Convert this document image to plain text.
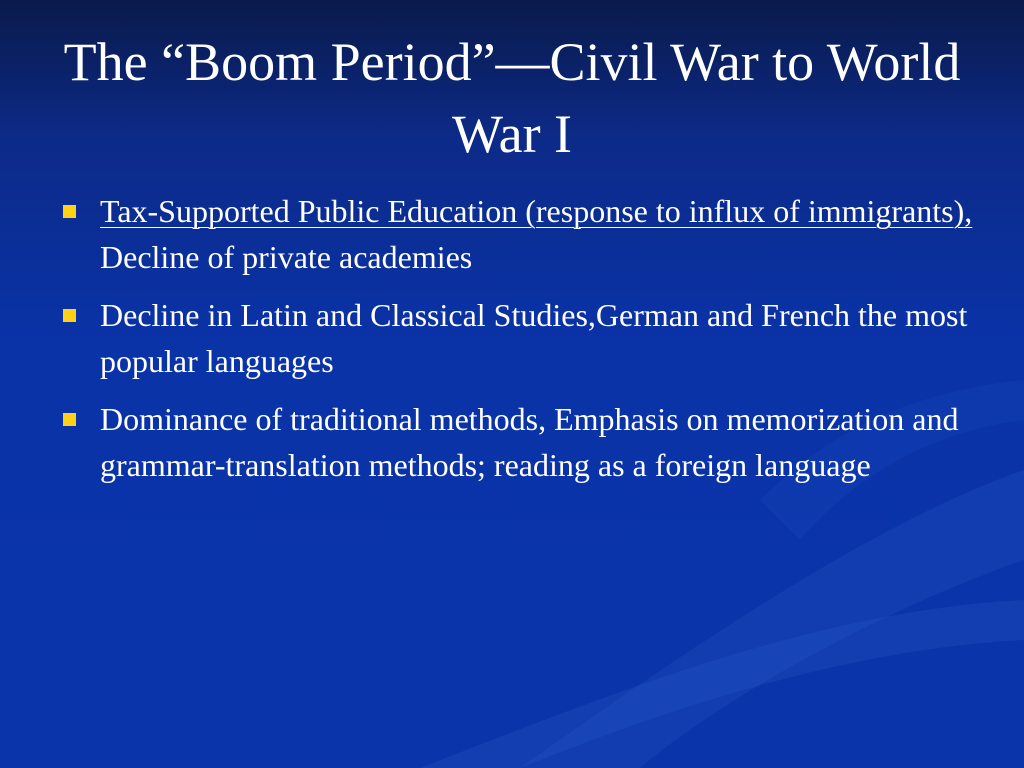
The “Boom Period”—Civil War to World War I
Tax-Supported Public Education (response to influx of immigrants), Decline of private academies
Decline in Latin and Classical Studies,German and French the most popular languages
Dominance of traditional methods, Emphasis on memorization and grammar-translation methods; reading as a foreign language
